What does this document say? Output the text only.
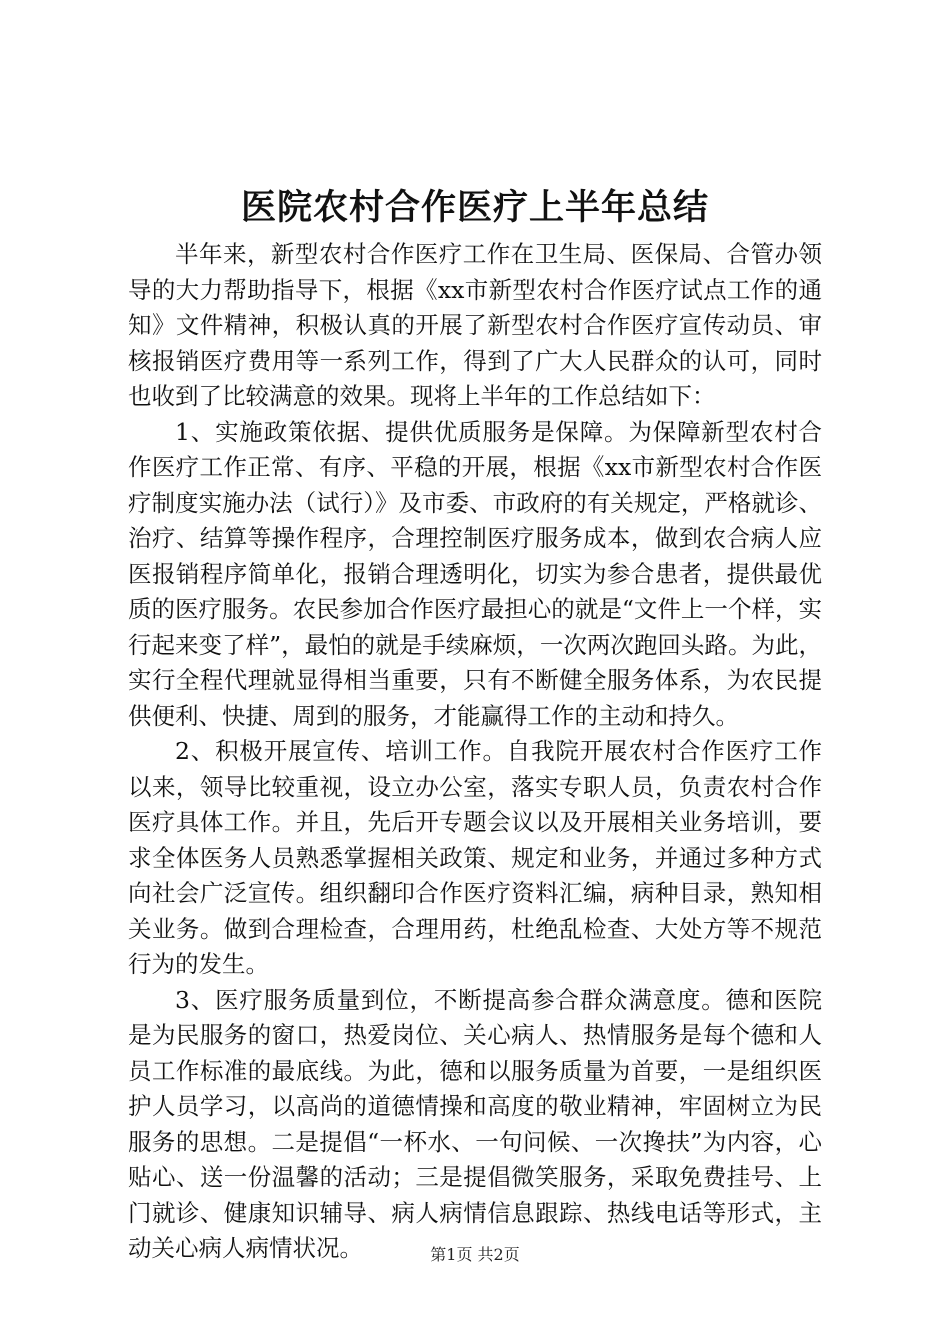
医院农村合作医疗上半年总结

半年来，新型农村合作医疗工作在卫生局、医保局、合管办领导的大力帮助指导下，根据《xx市新型农村合作医疗试点工作的通知》文件精神，积极认真的开展了新型农村合作医疗宣传动员、审核报销医疗费用等一系列工作，得到了广大人民群众的认可，同时也收到了比较满意的效果。现将上半年的工作总结如下：

1、实施政策依据、提供优质服务是保障。为保障新型农村合作医疗工作正常、有序、平稳的开展，根据《xx市新型农村合作医疗制度实施办法（试行）》及市委、市政府的有关规定，严格就诊、治疗、结算等操作程序，合理控制医疗服务成本，做到农合病人应医报销程序简单化，报销合理透明化，切实为参合患者，提供最优质的医疗服务。农民参加合作医疗最担心的就是“文件上一个样，实行起来变了样”，最怕的就是手续麻烦，一次两次跑回头路。为此，实行全程代理就显得相当重要，只有不断健全服务体系，为农民提供便利、快捷、周到的服务，才能赢得工作的主动和持久。

2、积极开展宣传、培训工作。自我院开展农村合作医疗工作以来，领导比较重视，设立办公室，落实专职人员，负责农村合作医疗具体工作。并且，先后开专题会议以及开展相关业务培训，要求全体医务人员熟悉掌握相关政策、规定和业务，并通过多种方式向社会广泛宣传。组织翻印合作医疗资料汇编，病种目录，熟知相关业务。做到合理检查，合理用药，杜绝乱检查、大处方等不规范行为的发生。

3、医疗服务质量到位，不断提高参合群众满意度。德和医院是为民服务的窗口，热爱岗位、关心病人、热情服务是每个德和人员工作标准的最底线。为此，德和以服务质量为首要，一是组织医护人员学习，以高尚的道德情操和高度的敬业精神，牢固树立为民服务的思想。二是提倡“一杯水、一句问候、一次搀扶”为内容，心贴心、送一份温馨的活动；三是提倡微笑服务，采取免费挂号、上门就诊、健康知识辅导、病人病情信息跟踪、热线电话等形式，主动关心病人病情状况。	第1页 共2页
